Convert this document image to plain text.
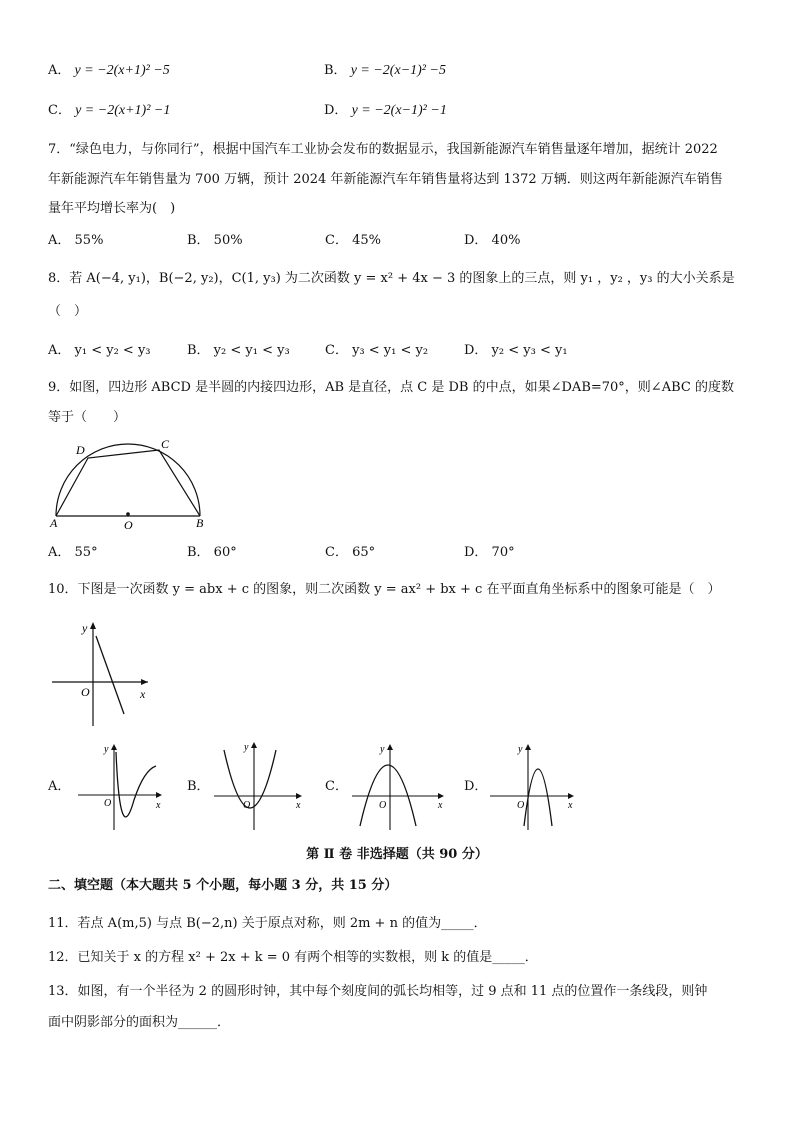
A． y = −2(x+1)² −5	B． y = −2(x−1)² −5
C． y = −2(x+1)² −1	D． y = −2(x−1)² −1
7．“绿色电力，与你同行”，根据中国汽车工业协会发布的数据显示，我国新能源汽车销售量逐年增加，据统计 2022
年新能源汽车年销售量为 700 万辆，预计 2024 年新能源汽车年销售量将达到 1372 万辆．则这两年新能源汽车销售
量年平均增长率为(　)
A． 55%	B． 50%	C． 45%	D． 40%
8．若 A(−4, y₁)，B(−2, y₂)，C(1, y₃) 为二次函数 y = x² + 4x − 3 的图象上的三点，则 y₁ ，y₂ ，y₃ 的大小关系是
（　）
A． y₁ < y₂ < y₃	B． y₂ < y₁ < y₃	C． y₃ < y₁ < y₂	D． y₂ < y₃ < y₁
9．如图，四边形 ABCD 是半圆的内接四边形，AB 是直径，点 C 是 DB 的中点，如果∠DAB=70°，则∠ABC 的度数
等于（　　）
A	B
C
D
O
A． 55°	B． 60°	C． 65°	D． 70°
10．下图是一次函数 y = abx + c 的图象，则二次函数 y = ax² + bx + c 在平面直角坐标系中的图象可能是（　）
y
x
O
A．
y
x
O
B．
y
x
O
C．
y
x
O
D．
y
x
O
第 Ⅱ 卷 非选择题（共 90 分）
二、填空题（本大题共 5 个小题，每小题 3 分，共 15 分）
11．若点 A(m,5) 与点 B(−2,n) 关于原点对称，则 2m + n 的值为_____．
12．已知关于 x 的方程 x² + 2x + k = 0 有两个相等的实数根，则 k 的值是_____．
13．如图，有一个半径为 2 的圆形时钟，其中每个刻度间的弧长均相等，过 9 点和 11 点的位置作一条线段，则钟
面中阴影部分的面积为______．
